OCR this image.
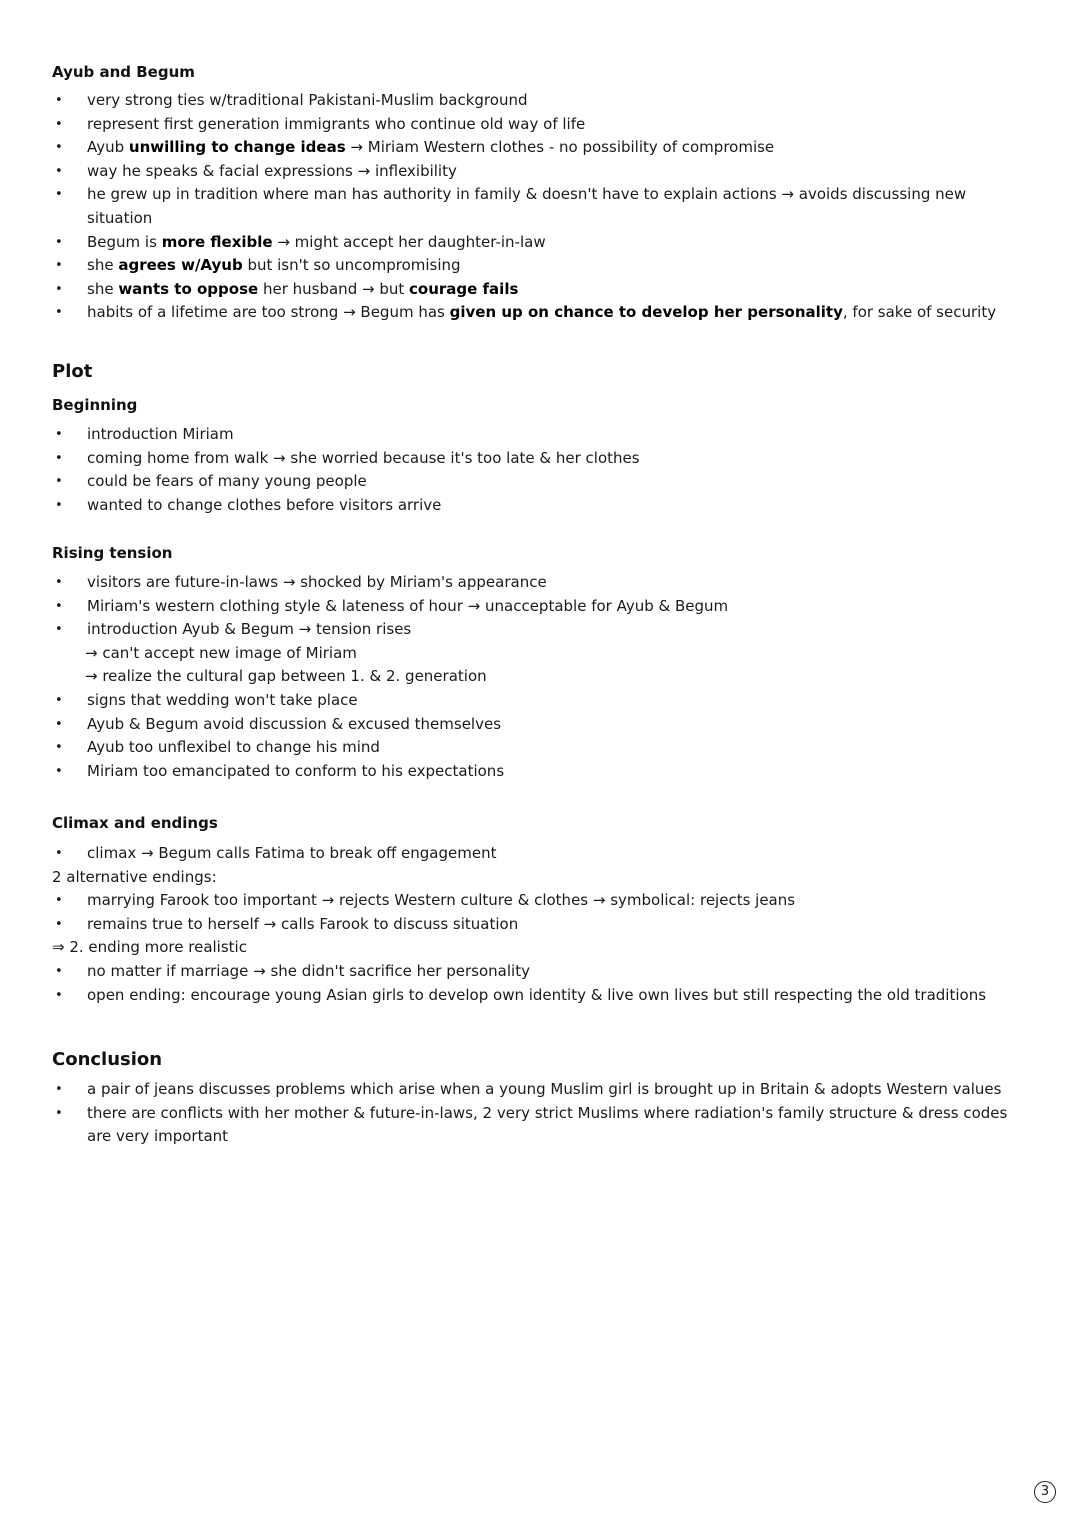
Ayub and Begum
• very strong ties w/traditional Pakistani-Muslim background
• represent first generation immigrants who continue old way of life
• Ayub unwilling to change ideas → Miriam Western clothes - no possibility of compromise
• way he speaks & facial expressions → inflexibility
• he grew up in tradition where man has authority in family & doesn't have to explain actions → avoids discussing new situation
• Begum is more flexible → might accept her daughter-in-law
• she agrees w/Ayub but isn't so uncompromising
• she wants to oppose her husband → but courage fails
• habits of a lifetime are too strong → Begum has given up on chance to develop her personality, for sake of security
Plot
Beginning
• introduction Miriam
• coming home from walk → she worried because it's too late & her clothes
• could be fears of many young people
• wanted to change clothes before visitors arrive
Rising tension
• visitors are future-in-laws → shocked by Miriam's appearance
• Miriam's western clothing style & lateness of hour → unacceptable for Ayub & Begum
• introduction Ayub & Begum → tension rises
→ can't accept new image of Miriam
→ realize the cultural gap between 1. & 2. generation
• signs that wedding won't take place
• Ayub & Begum avoid discussion & excused themselves
• Ayub too unflexibel to change his mind
• Miriam too emancipated to conform to his expectations
Climax and endings
• climax → Begum calls Fatima to break off engagement
2 alternative endings:
• marrying Farook too important → rejects Western culture & clothes → symbolical: rejects jeans
• remains true to herself → calls Farook to discuss situation
⇒ 2. ending more realistic
• no matter if marriage → she didn't sacrifice her personality
• open ending: encourage young Asian girls to develop own identity & live own lives but still respecting the old traditions
Conclusion
• a pair of jeans discusses problems which arise when a young Muslim girl is brought up in Britain & adopts Western values
• there are conflicts with her mother & future-in-laws, 2 very strict Muslims where radiation's family structure & dress codes are very important
3
